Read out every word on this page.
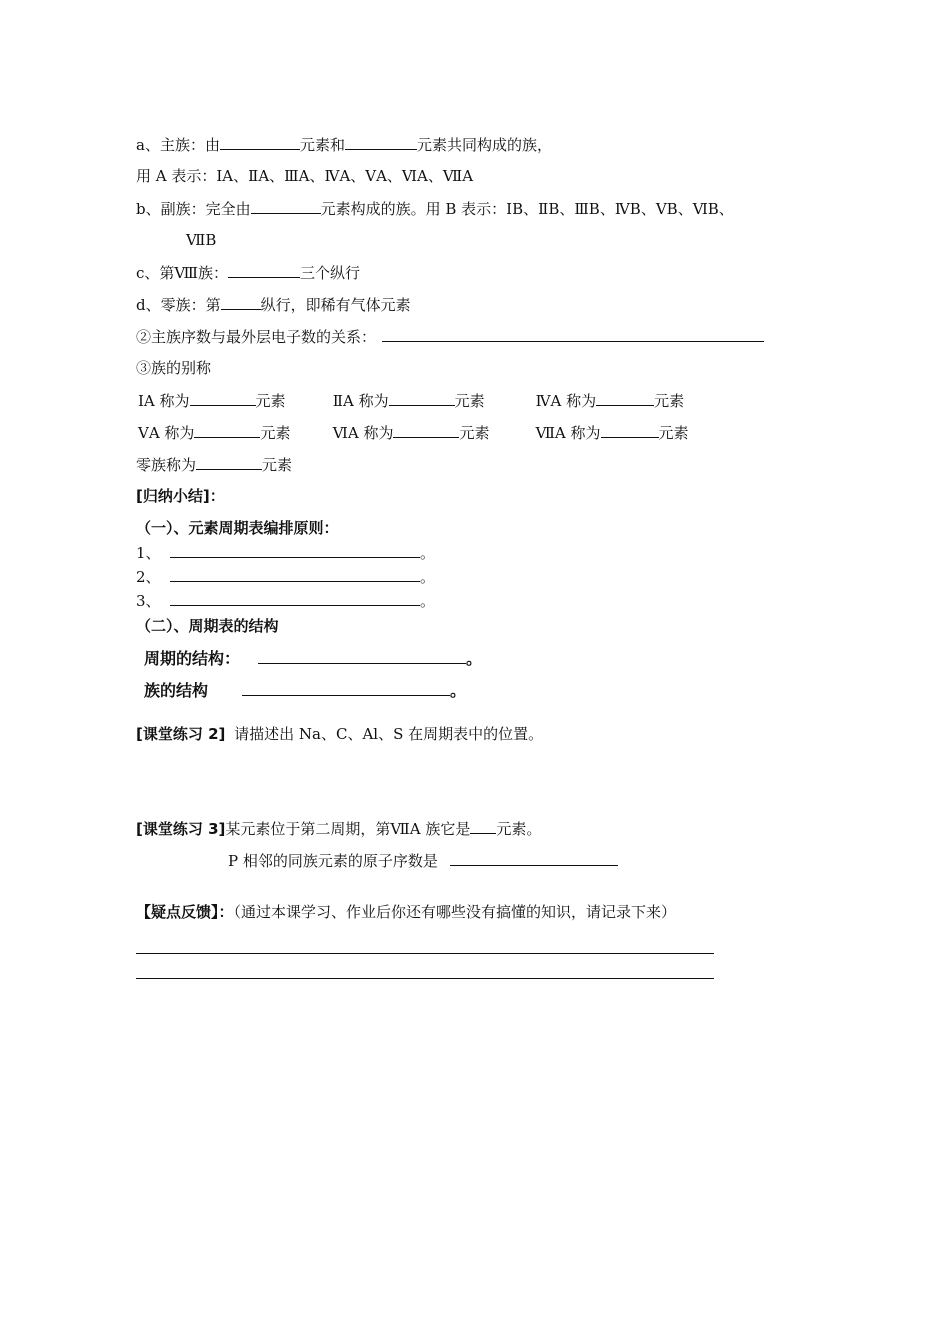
a、主族：由	元素和	元素共同构成的族，
用 A 表示：ⅠA、ⅡA、ⅢA、ⅣA、ⅤA、ⅥA、ⅦA
b、副族：完全由	元素构成的族。用 B 表示：ⅠB、ⅡB、ⅢB、ⅣB、ⅤB、ⅥB、
ⅦB
c、第Ⅷ族：	三个纵行
d、零族：第	纵行，即稀有气体元素
②主族序数与最外层电子数的关系：
③族的别称
ⅠA 称为	元素	ⅡA 称为	元素	ⅣA 称为	元素
ⅤA 称为	元素	ⅥA 称为	元素	ⅦA 称为	元素
零族称为	元素
[归纳小结]：
（一）、元素周期表编排原则：
1、	。
2、	。
3、	。
（二）、周期表的结构
周期的结构：	。
族的结构	。
[课堂练习 2] 请描述出 Na、C、Al、S 在周期表中的位置。
[课堂练习 3]某元素位于第二周期，第ⅦA 族它是 元素。
P 相邻的同族元素的原子序数是
【疑点反馈】：（通过本课学习、作业后你还有哪些没有搞懂的知识，请记录下来）
